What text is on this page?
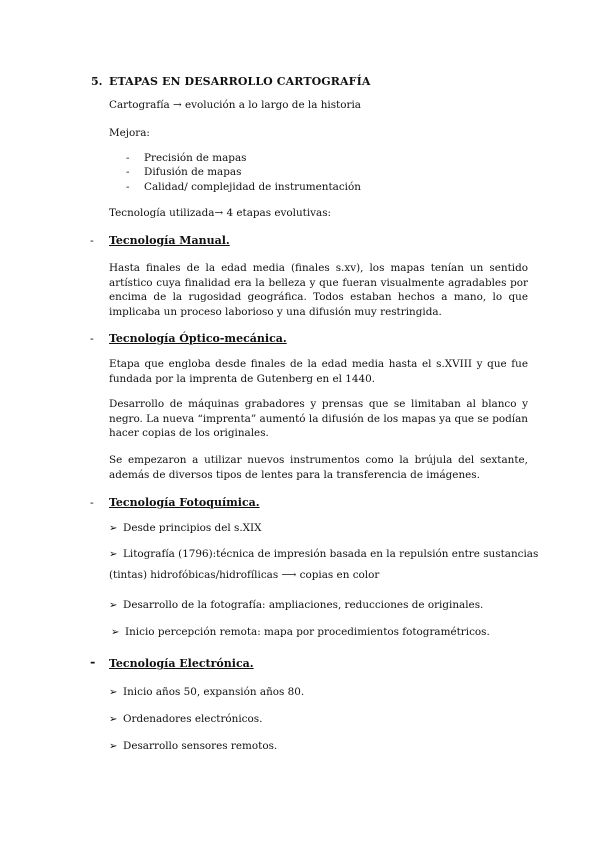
5. ETAPAS EN DESARROLLO CARTOGRAFÍA
Cartografía → evolución a lo largo de la historia
Mejora:
- Precisión de mapas
- Difusión de mapas
- Calidad/ complejidad de instrumentación
Tecnología utilizada→ 4 etapas evolutivas:
- Tecnología Manual.
Hasta finales de la edad media (finales s.xv), los mapas tenían un sentido artístico cuya finalidad era la belleza y que fueran visualmente agradables por encima de la rugosidad geográfica. Todos estaban hechos a mano, lo que implicaba un proceso laborioso y una difusión muy restringida.
- Tecnología Óptico-mecánica.
Etapa que engloba desde finales de la edad media hasta el s.XVIII y que fue fundada por la imprenta de Gutenberg en el 1440.
Desarrollo de máquinas grabadores y prensas que se limitaban al blanco y negro. La nueva “imprenta” aumentó la difusión de los mapas ya que se podían hacer copias de los originales.
Se empezaron a utilizar nuevos instrumentos como la brújula del sextante, además de diversos tipos de lentes para la transferencia de imágenes.
- Tecnología Fotoquímica.
➢ Desde principios del s.XIX
➢ Litografía (1796):técnica de impresión basada en la repulsión entre sustancias
(tintas) hidrofóbicas/hidrofílicas ⟶ copias en color
➢ Desarrollo de la fotografía: ampliaciones, reducciones de originales.
➢ Inicio percepción remota: mapa por procedimientos fotogramétricos.
- Tecnología Electrónica.
➢ Inicio años 50, expansión años 80.
➢ Ordenadores electrónicos.
➢ Desarrollo sensores remotos.
